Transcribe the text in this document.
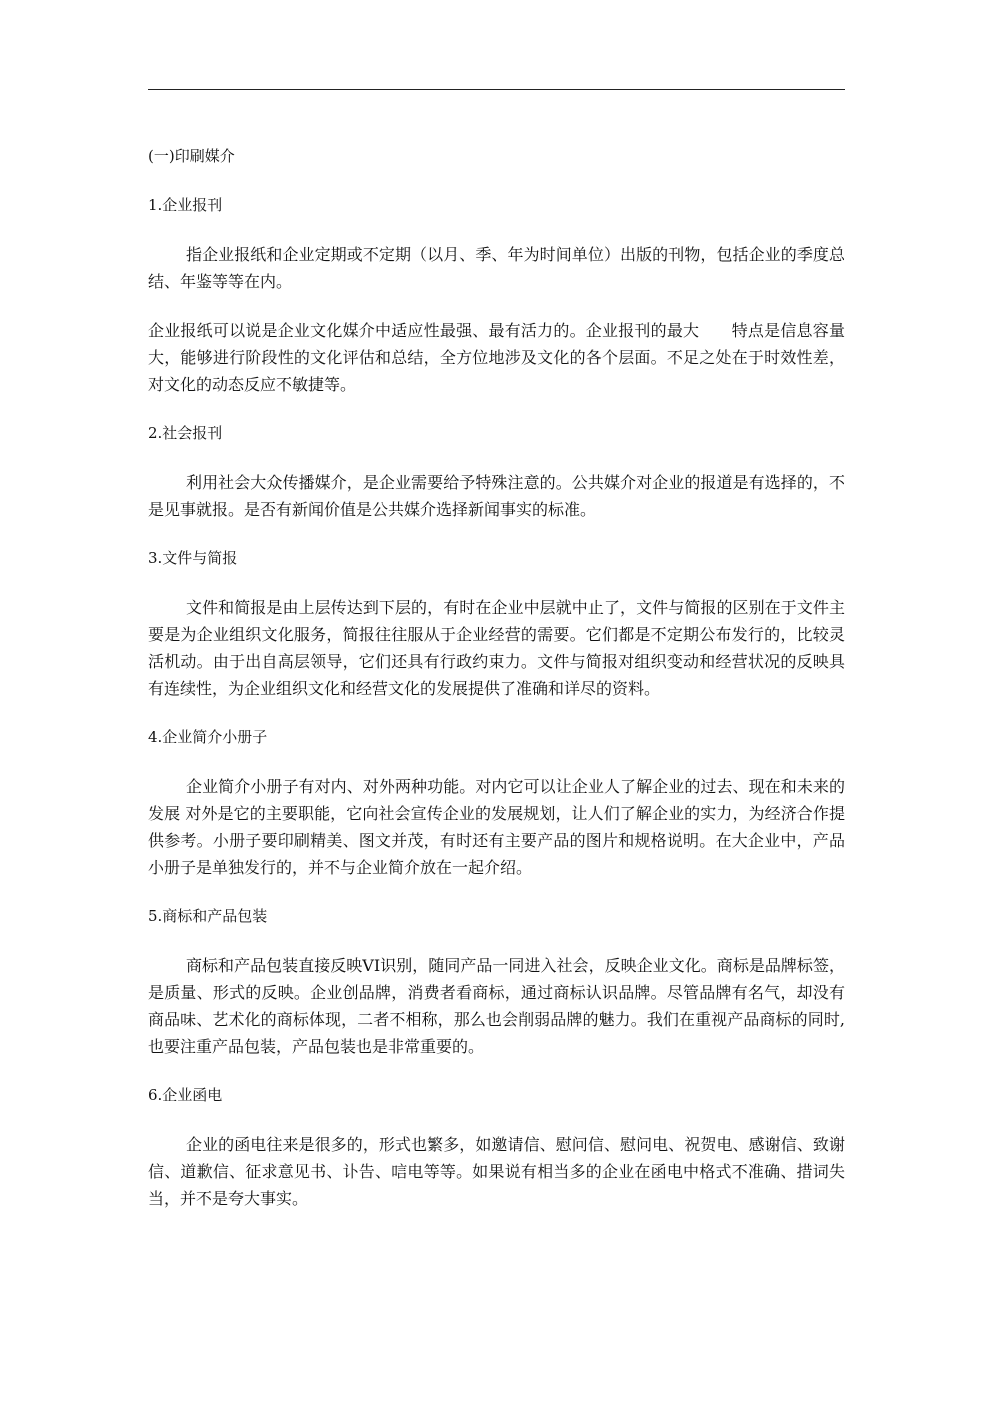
(一)印刷媒介
1.企业报刊
指企业报纸和企业定期或不定期（以月、季、年为时间单位）出版的刊物，包括企业的季度总结、年鉴等等在内。
企业报纸可以说是企业文化媒介中适应性最强、最有活力的。企业报刊的最大　　特点是信息容量大，能够进行阶段性的文化评估和总结，全方位地涉及文化的各个层面。不足之处在于时效性差，对文化的动态反应不敏捷等。
2.社会报刊
利用社会大众传播媒介，是企业需要给予特殊注意的。公共媒介对企业的报道是有选择的，不是见事就报。是否有新闻价值是公共媒介选择新闻事实的标准。
3.文件与简报
文件和简报是由上层传达到下层的，有时在企业中层就中止了，文件与简报的区别在于文件主要是为企业组织文化服务，简报往往服从于企业经营的需要。它们都是不定期公布发行的，比较灵活机动。由于出自高层领导，它们还具有行政约束力。文件与简报对组织变动和经营状况的反映具有连续性，为企业组织文化和经营文化的发展提供了准确和详尽的资料。
4.企业简介小册子
企业简介小册子有对内、对外两种功能。对内它可以让企业人了解企业的过去、现在和未来的发展 对外是它的主要职能，它向社会宣传企业的发展规划，让人们了解企业的实力，为经济合作提供参考。小册子要印刷精美、图文并茂，有时还有主要产品的图片和规格说明。在大企业中，产品小册子是单独发行的，并不与企业简介放在一起介绍。
5.商标和产品包装
商标和产品包装直接反映VI识别，随同产品一同进入社会，反映企业文化。商标是品牌标签，是质量、形式的反映。企业创品牌，消费者看商标，通过商标认识品牌。尽管品牌有名气，却没有商品味、艺术化的商标体现，二者不相称，那么也会削弱品牌的魅力。我们在重视产品商标的同时,也要注重产品包装，产品包装也是非常重要的。
6.企业函电
企业的函电往来是很多的，形式也繁多，如邀请信、慰问信、慰问电、祝贺电、感谢信、致谢信、道歉信、征求意见书、讣告、唁电等等。如果说有相当多的企业在函电中格式不准确、措词失当，并不是夸大事实。
